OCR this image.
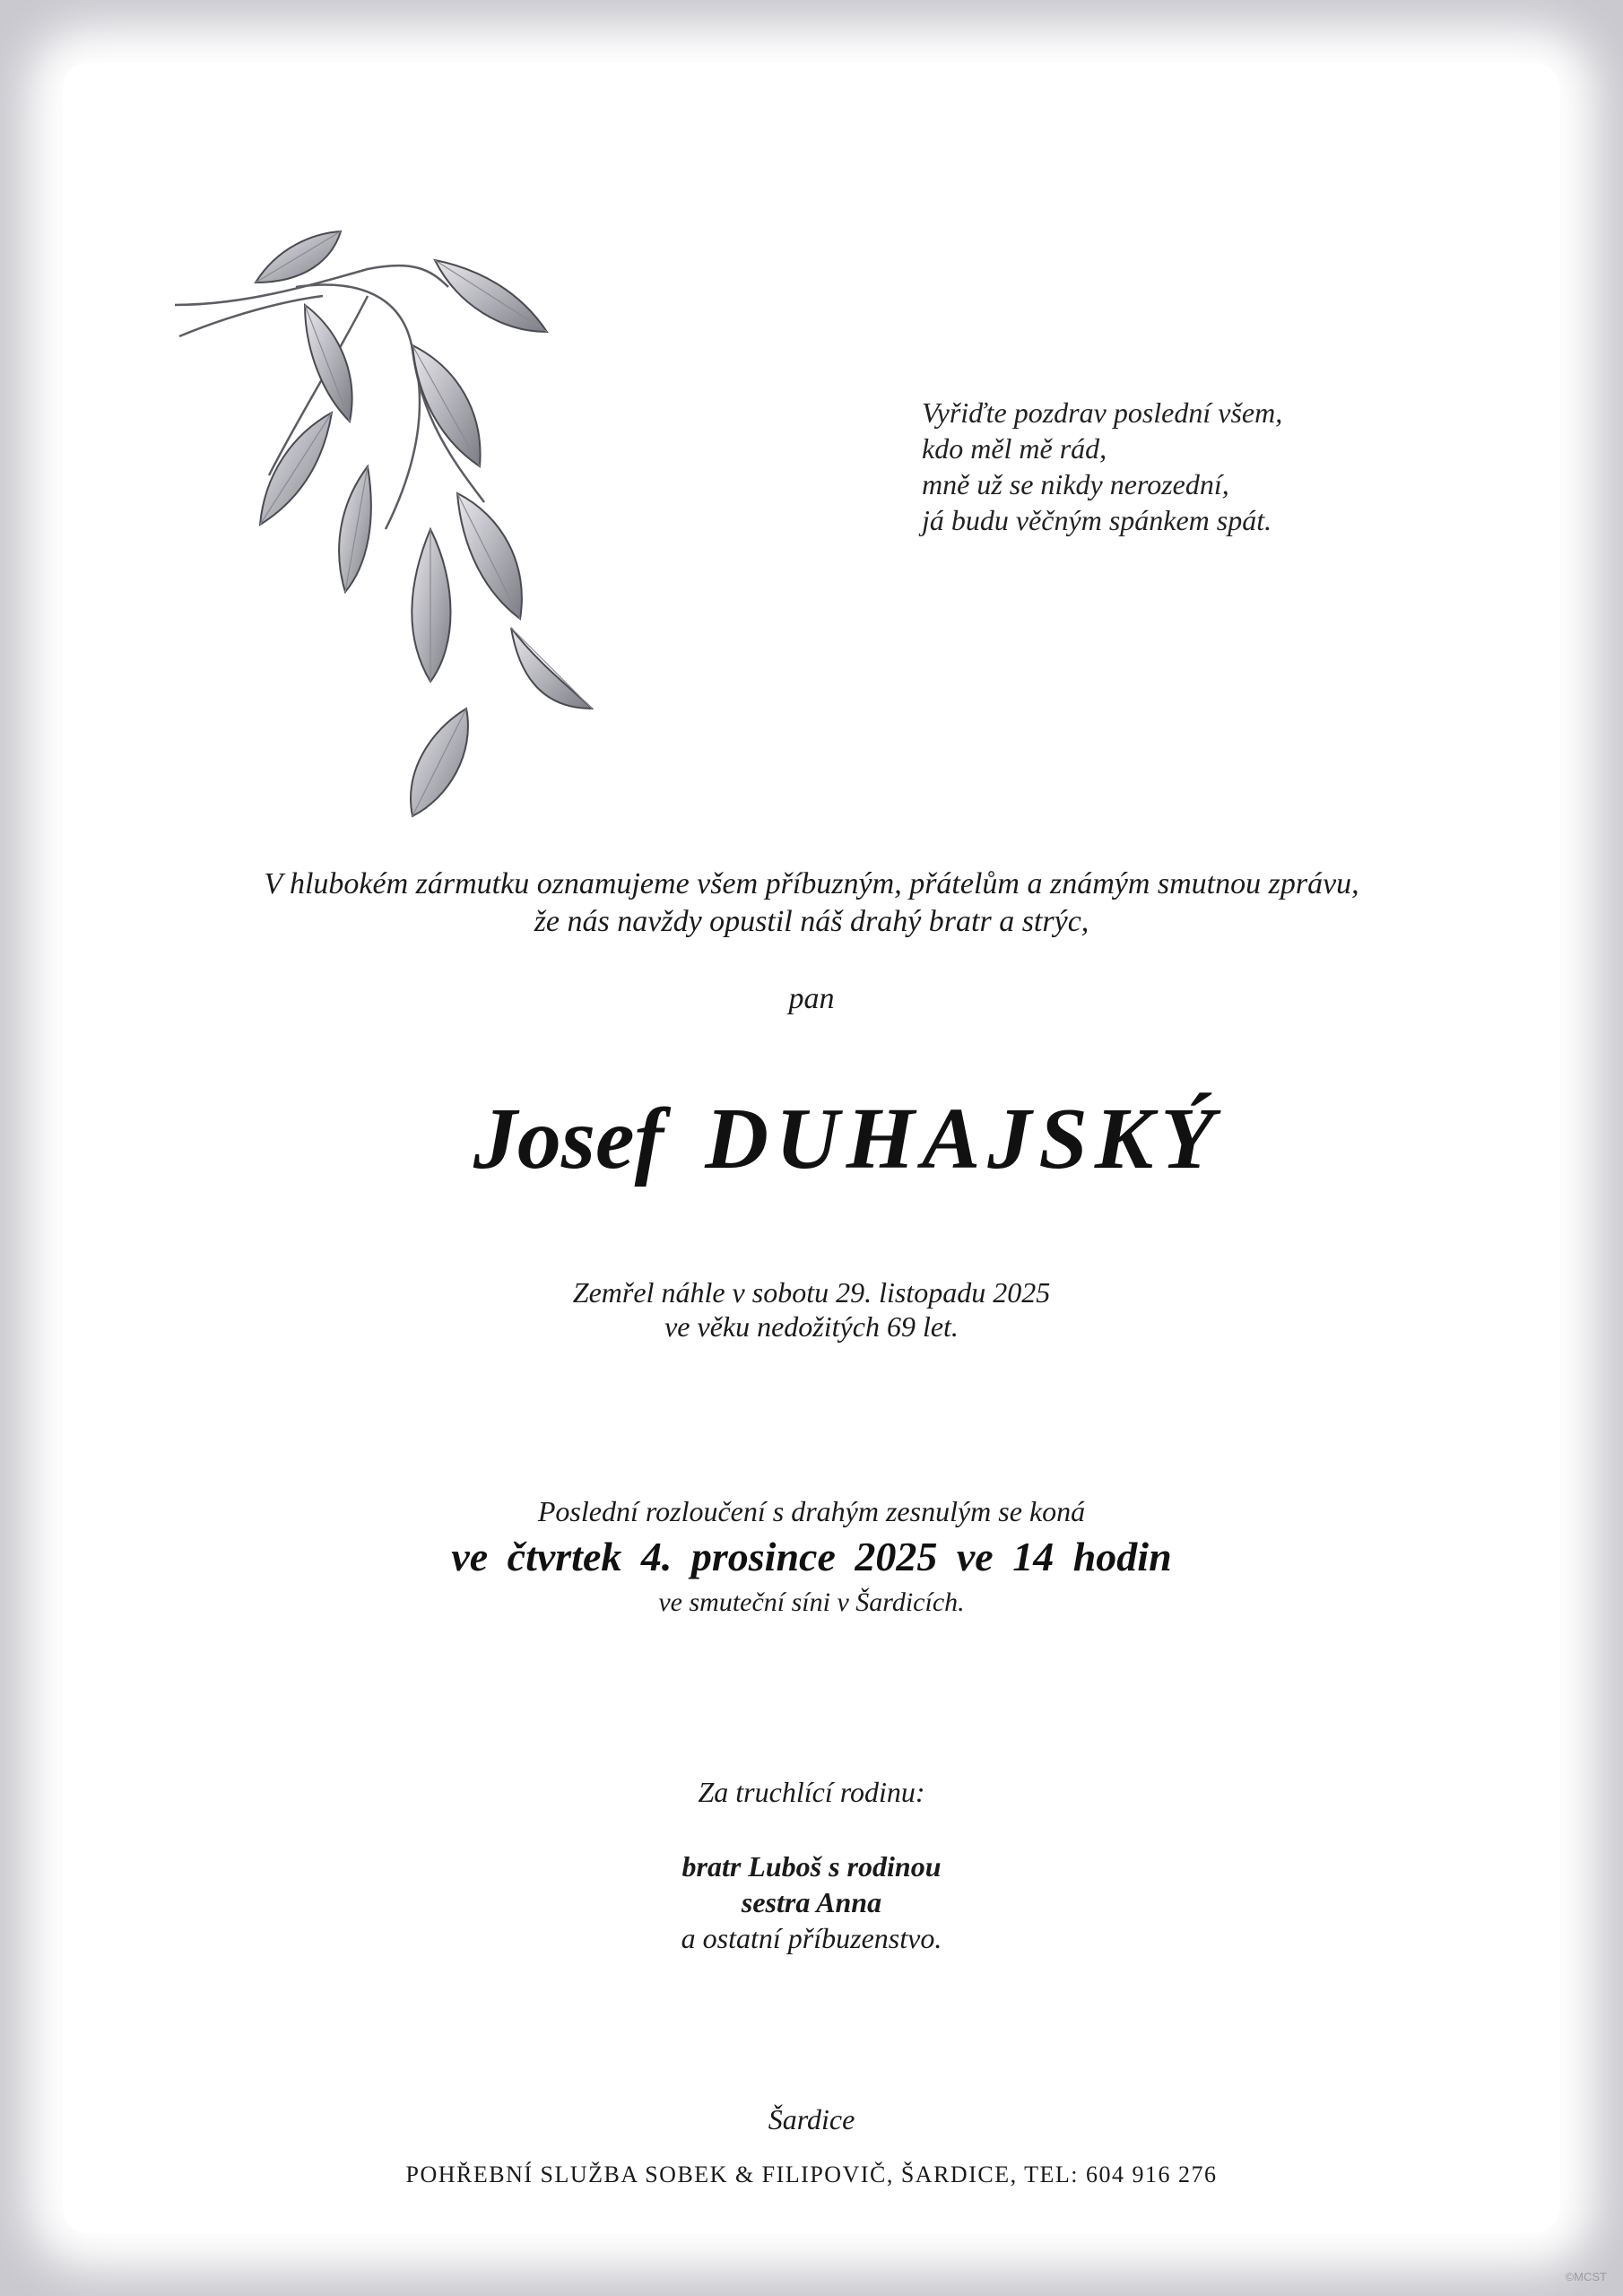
Vyřiďte pozdrav poslední všem,
kdo měl mě rád,
mně už se nikdy nerozední,
já budu věčným spánkem spát.
V hlubokém zármutku oznamujeme všem příbuzným, přátelům a známým smutnou zprávu,
že nás navždy opustil náš drahý bratr a strýc,
pan
Josef DUHAJSKÝ
Zemřel náhle v sobotu 29. listopadu 2025
ve věku nedožitých 69 let.
Poslední rozloučení s drahým zesnulým se koná
ve čtvrtek 4. prosince 2025 ve 14 hodin
ve smuteční síni v Šardicích.
Za truchlící rodinu:
bratr Luboš s rodinou
sestra Anna
a ostatní příbuzenstvo.
Šardice
POHŘEBNÍ SLUŽBA SOBEK & FILIPOVIČ, ŠARDICE, TEL: 604 916 276
©MCST
